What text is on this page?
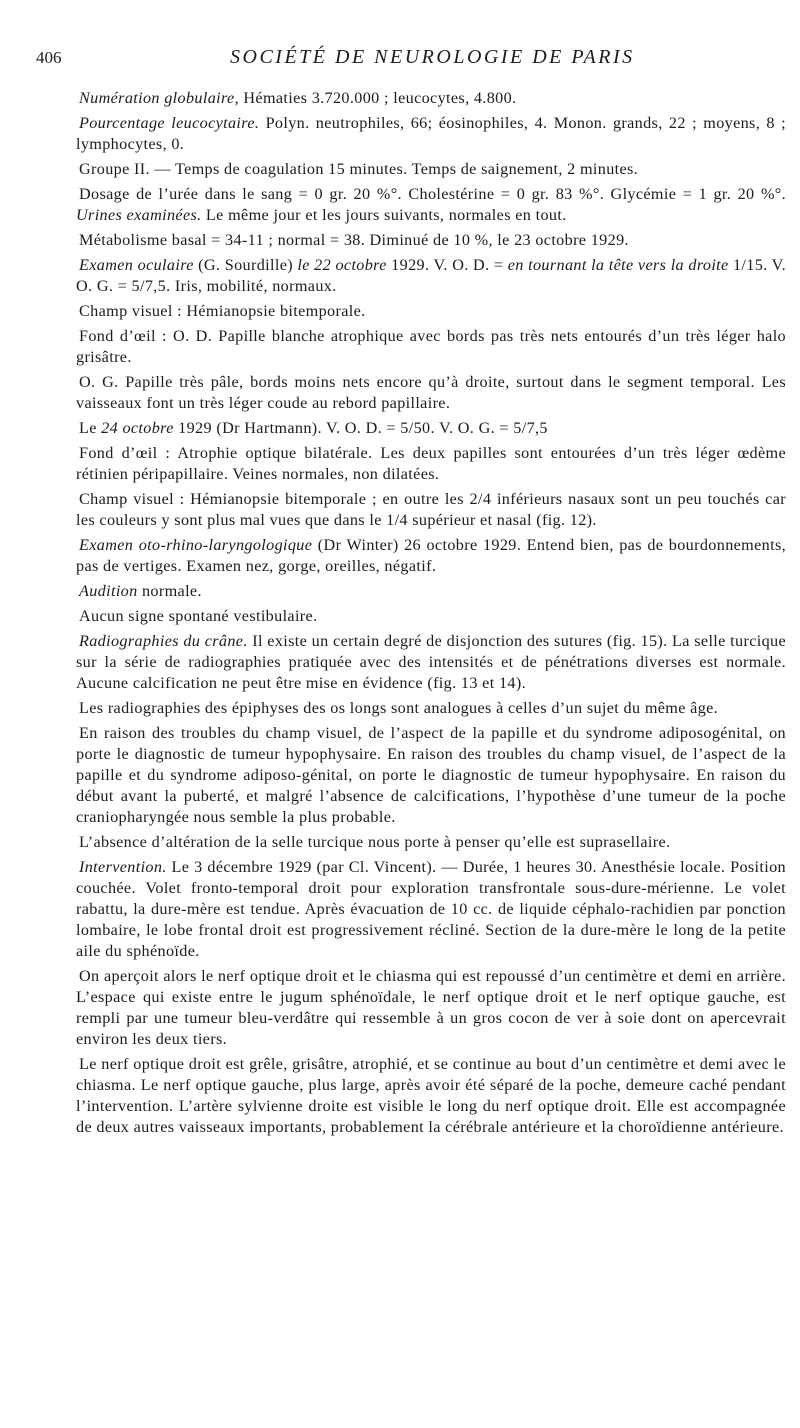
406	SOCIÉTÉ DE NEUROLOGIE DE PARIS

Numération globulaire, Hématies 3.720.000 ; leucocytes, 4.800.

Pourcentage leucocytaire. Polyn. neutrophiles, 66; éosinophiles, 4. Monon. grands, 22 ; moyens, 8 ; lymphocytes, 0.

Groupe II. — Temps de coagulation 15 minutes. Temps de saignement, 2 minutes.

Dosage de l’urée dans le sang = 0 gr. 20 %°. Cholestérine = 0 gr. 83 %°. Glycémie = 1 gr. 20 %°. Urines examinées. Le même jour et les jours suivants, normales en tout.

Métabolisme basal = 34-11 ; normal = 38. Diminué de 10 %, le 23 octobre 1929.

Examen oculaire (G. Sourdille) le 22 octobre 1929. V. O. D. = en tournant la tête vers la droite 1/15. V. O. G. = 5/7,5. Iris, mobilité, normaux.

Champ visuel : Hémianopsie bitemporale.

Fond d’œil : O. D. Papille blanche atrophique avec bords pas très nets entourés d’un très léger halo grisâtre.

O. G. Papille très pâle, bords moins nets encore qu’à droite, surtout dans le segment temporal. Les vaisseaux font un très léger coude au rebord papillaire.

Le 24 octobre 1929 (Dr Hartmann). V. O. D. = 5/50. V. O. G. = 5/7,5

Fond d’œil : Atrophie optique bilatérale. Les deux papilles sont entourées d’un très léger œdème rétinien péripapillaire. Veines normales, non dilatées.

Champ visuel : Hémianopsie bitemporale ; en outre les 2/4 inférieurs nasaux sont un peu touchés car les couleurs y sont plus mal vues que dans le 1/4 supérieur et nasal (fig. 12).

Examen oto-rhino-laryngologique (Dr Winter) 26 octobre 1929. Entend bien, pas de bourdonnements, pas de vertiges. Examen nez, gorge, oreilles, négatif.

Audition normale.

Aucun signe spontané vestibulaire.

Radiographies du crâne. Il existe un certain degré de disjonction des sutures (fig. 15). La selle turcique sur la série de radiographies pratiquée avec des intensités et de pénétrations diverses est normale. Aucune calcification ne peut être mise en évidence (fig. 13 et 14).

Les radiographies des épiphyses des os longs sont analogues à celles d’un sujet du même âge.

En raison des troubles du champ visuel, de l’aspect de la papille et du syndrome adiposogénital, on porte le diagnostic de tumeur hypophysaire. En raison des troubles du champ visuel, de l’aspect de la papille et du syndrome adiposo-génital, on porte le diagnostic de tumeur hypophysaire. En raison du début avant la puberté, et malgré l’absence de calcifications, l’hypothèse d’une tumeur de la poche craniopharyngée nous semble la plus probable.

L’absence d’altération de la selle turcique nous porte à penser qu’elle est suprasellaire.

Intervention. Le 3 décembre 1929 (par Cl. Vincent). — Durée, 1 heures 30. Anesthésie locale. Position couchée. Volet fronto-temporal droit pour exploration transfrontale sous-dure-mérienne. Le volet rabattu, la dure-mère est tendue. Après évacuation de 10 cc. de liquide céphalo-rachidien par ponction lombaire, le lobe frontal droit est progressivement récliné. Section de la dure-mère le long de la petite aile du sphénoïde.

On aperçoit alors le nerf optique droit et le chiasma qui est repoussé d’un centimètre et demi en arrière. L’espace qui existe entre le jugum sphénoïdale, le nerf optique droit et le nerf optique gauche, est rempli par une tumeur bleu-verdâtre qui ressemble à un gros cocon de ver à soie dont on apercevrait environ les deux tiers.

Le nerf optique droit est grêle, grisâtre, atrophié, et se continue au bout d’un centimètre et demi avec le chiasma. Le nerf optique gauche, plus large, après avoir été séparé de la poche, demeure caché pendant l’intervention. L’artère sylvienne droite est visible le long du nerf optique droit. Elle est accompagnée de deux autres vaisseaux importants, probablement la cérébrale antérieure et la choroïdienne antérieure.
